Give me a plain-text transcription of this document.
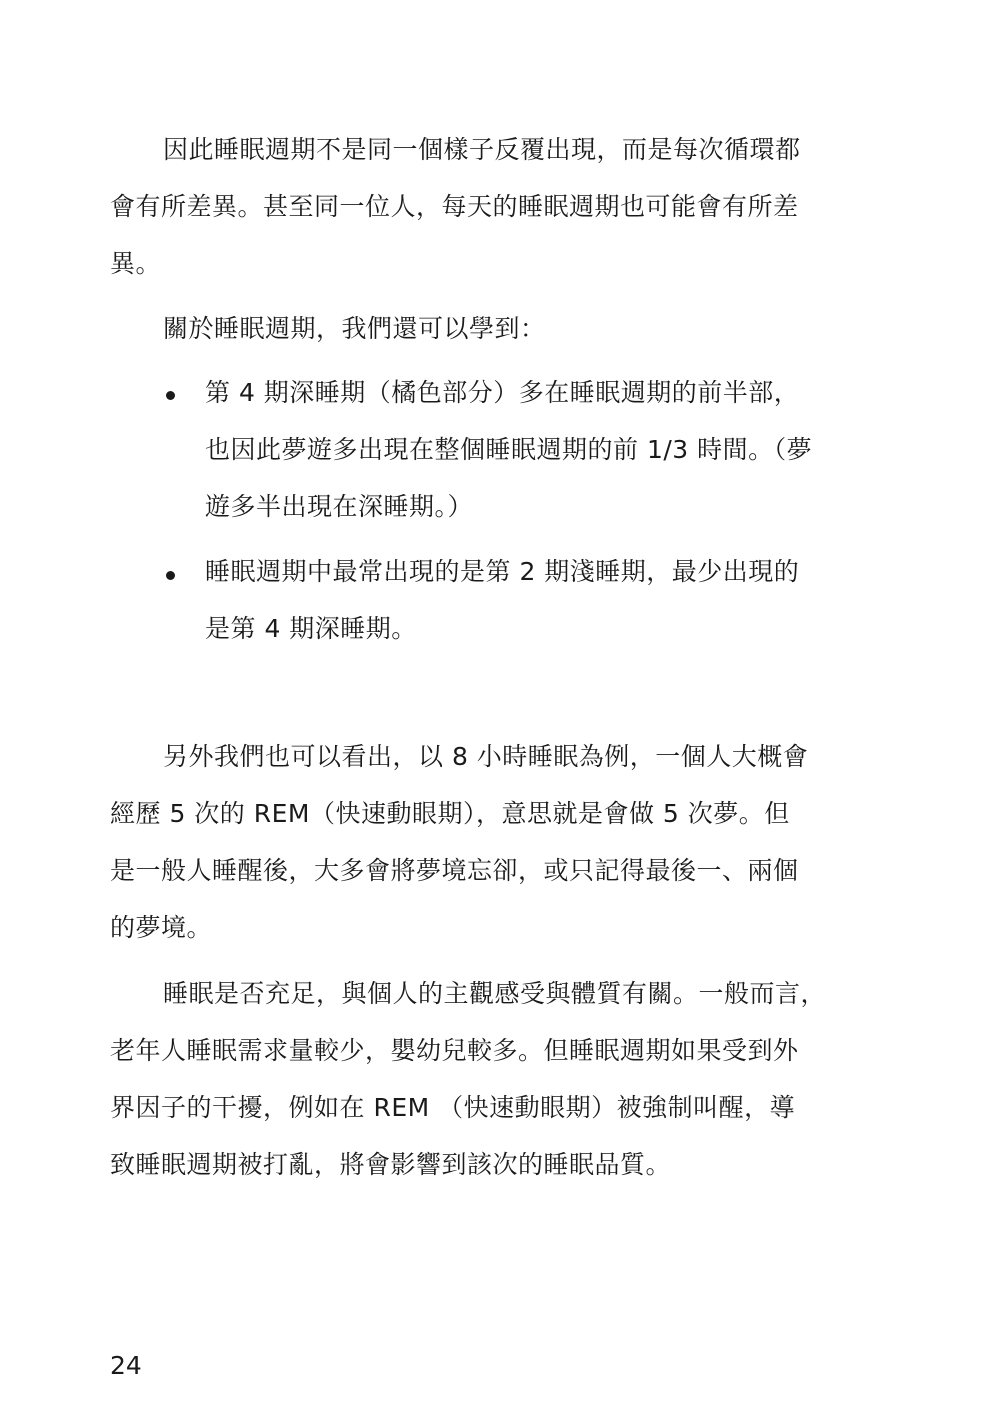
因此睡眠週期不是同一個樣子反覆出現，而是每次循環都
會有所差異。甚至同一位人，每天的睡眠週期也可能會有所差
異。
關於睡眠週期，我們還可以學到：
第 4 期深睡期（橘色部分）多在睡眠週期的前半部，
也因此夢遊多出現在整個睡眠週期的前 1/3 時間。（夢
遊多半出現在深睡期。）
睡眠週期中最常出現的是第 2 期淺睡期，最少出現的
是第 4 期深睡期。
另外我們也可以看出，以 8 小時睡眠為例，一個人大概會
經歷 5 次的 REM（快速動眼期），意思就是會做 5 次夢。但
是一般人睡醒後，大多會將夢境忘卻，或只記得最後一、兩個
的夢境。
睡眠是否充足，與個人的主觀感受與體質有關。一般而言，
老年人睡眠需求量較少，嬰幼兒較多。但睡眠週期如果受到外
界因子的干擾，例如在 REM （快速動眼期）被強制叫醒，導
致睡眠週期被打亂，將會影響到該次的睡眠品質。
24
